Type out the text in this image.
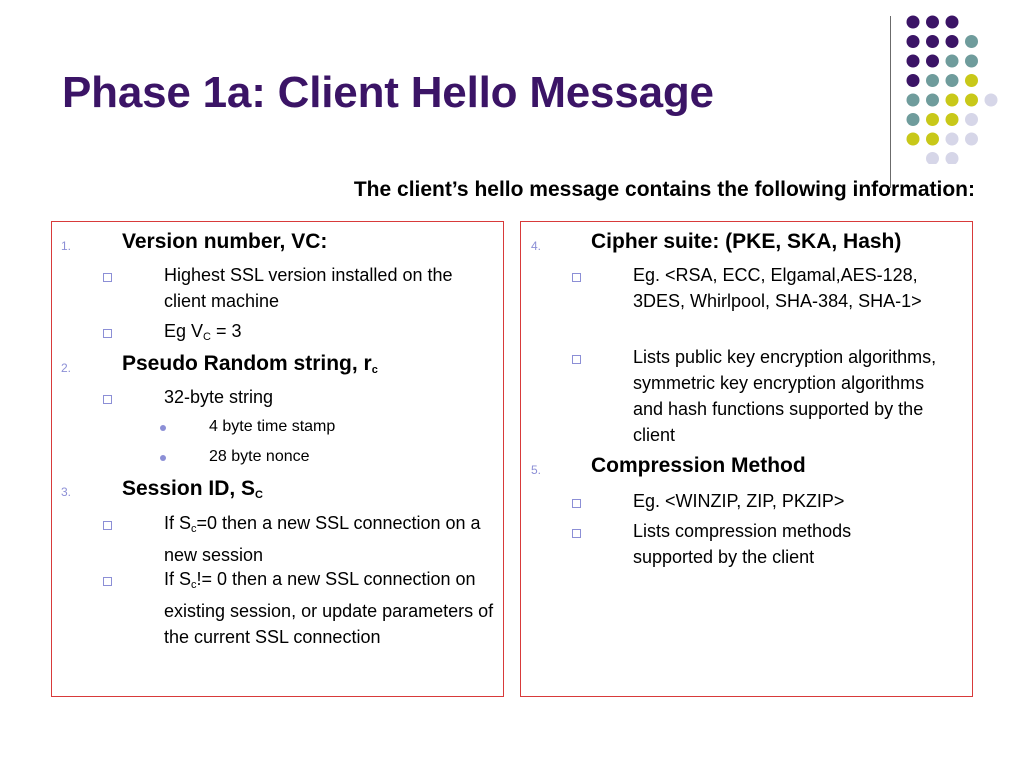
Phase 1a: Client Hello Message
The client’s hello message contains the following information:
1. Version number, VC:
Highest SSL version installed on the client machine
Eg $V_C = 3$
2. Pseudo Random string, $r_c$
32-byte string
4 byte time stamp
28 byte nonce
3. Session ID, $S_C$
If $S_c=0$ then a new SSL connection on a new session
If $S_c!= 0$ then a new SSL connection on existing session, or update parameters of the current SSL connection
4. Cipher suite: (PKE, SKA, Hash)
Eg. <RSA, ECC, Elgamal,AES-128, 3DES, Whirlpool, SHA-384, SHA-1>
Lists public key encryption algorithms, symmetric key encryption algorithms and hash functions supported by the client
5. Compression Method
Eg. <WINZIP, ZIP, PKZIP>
Lists compression methods supported by the client
